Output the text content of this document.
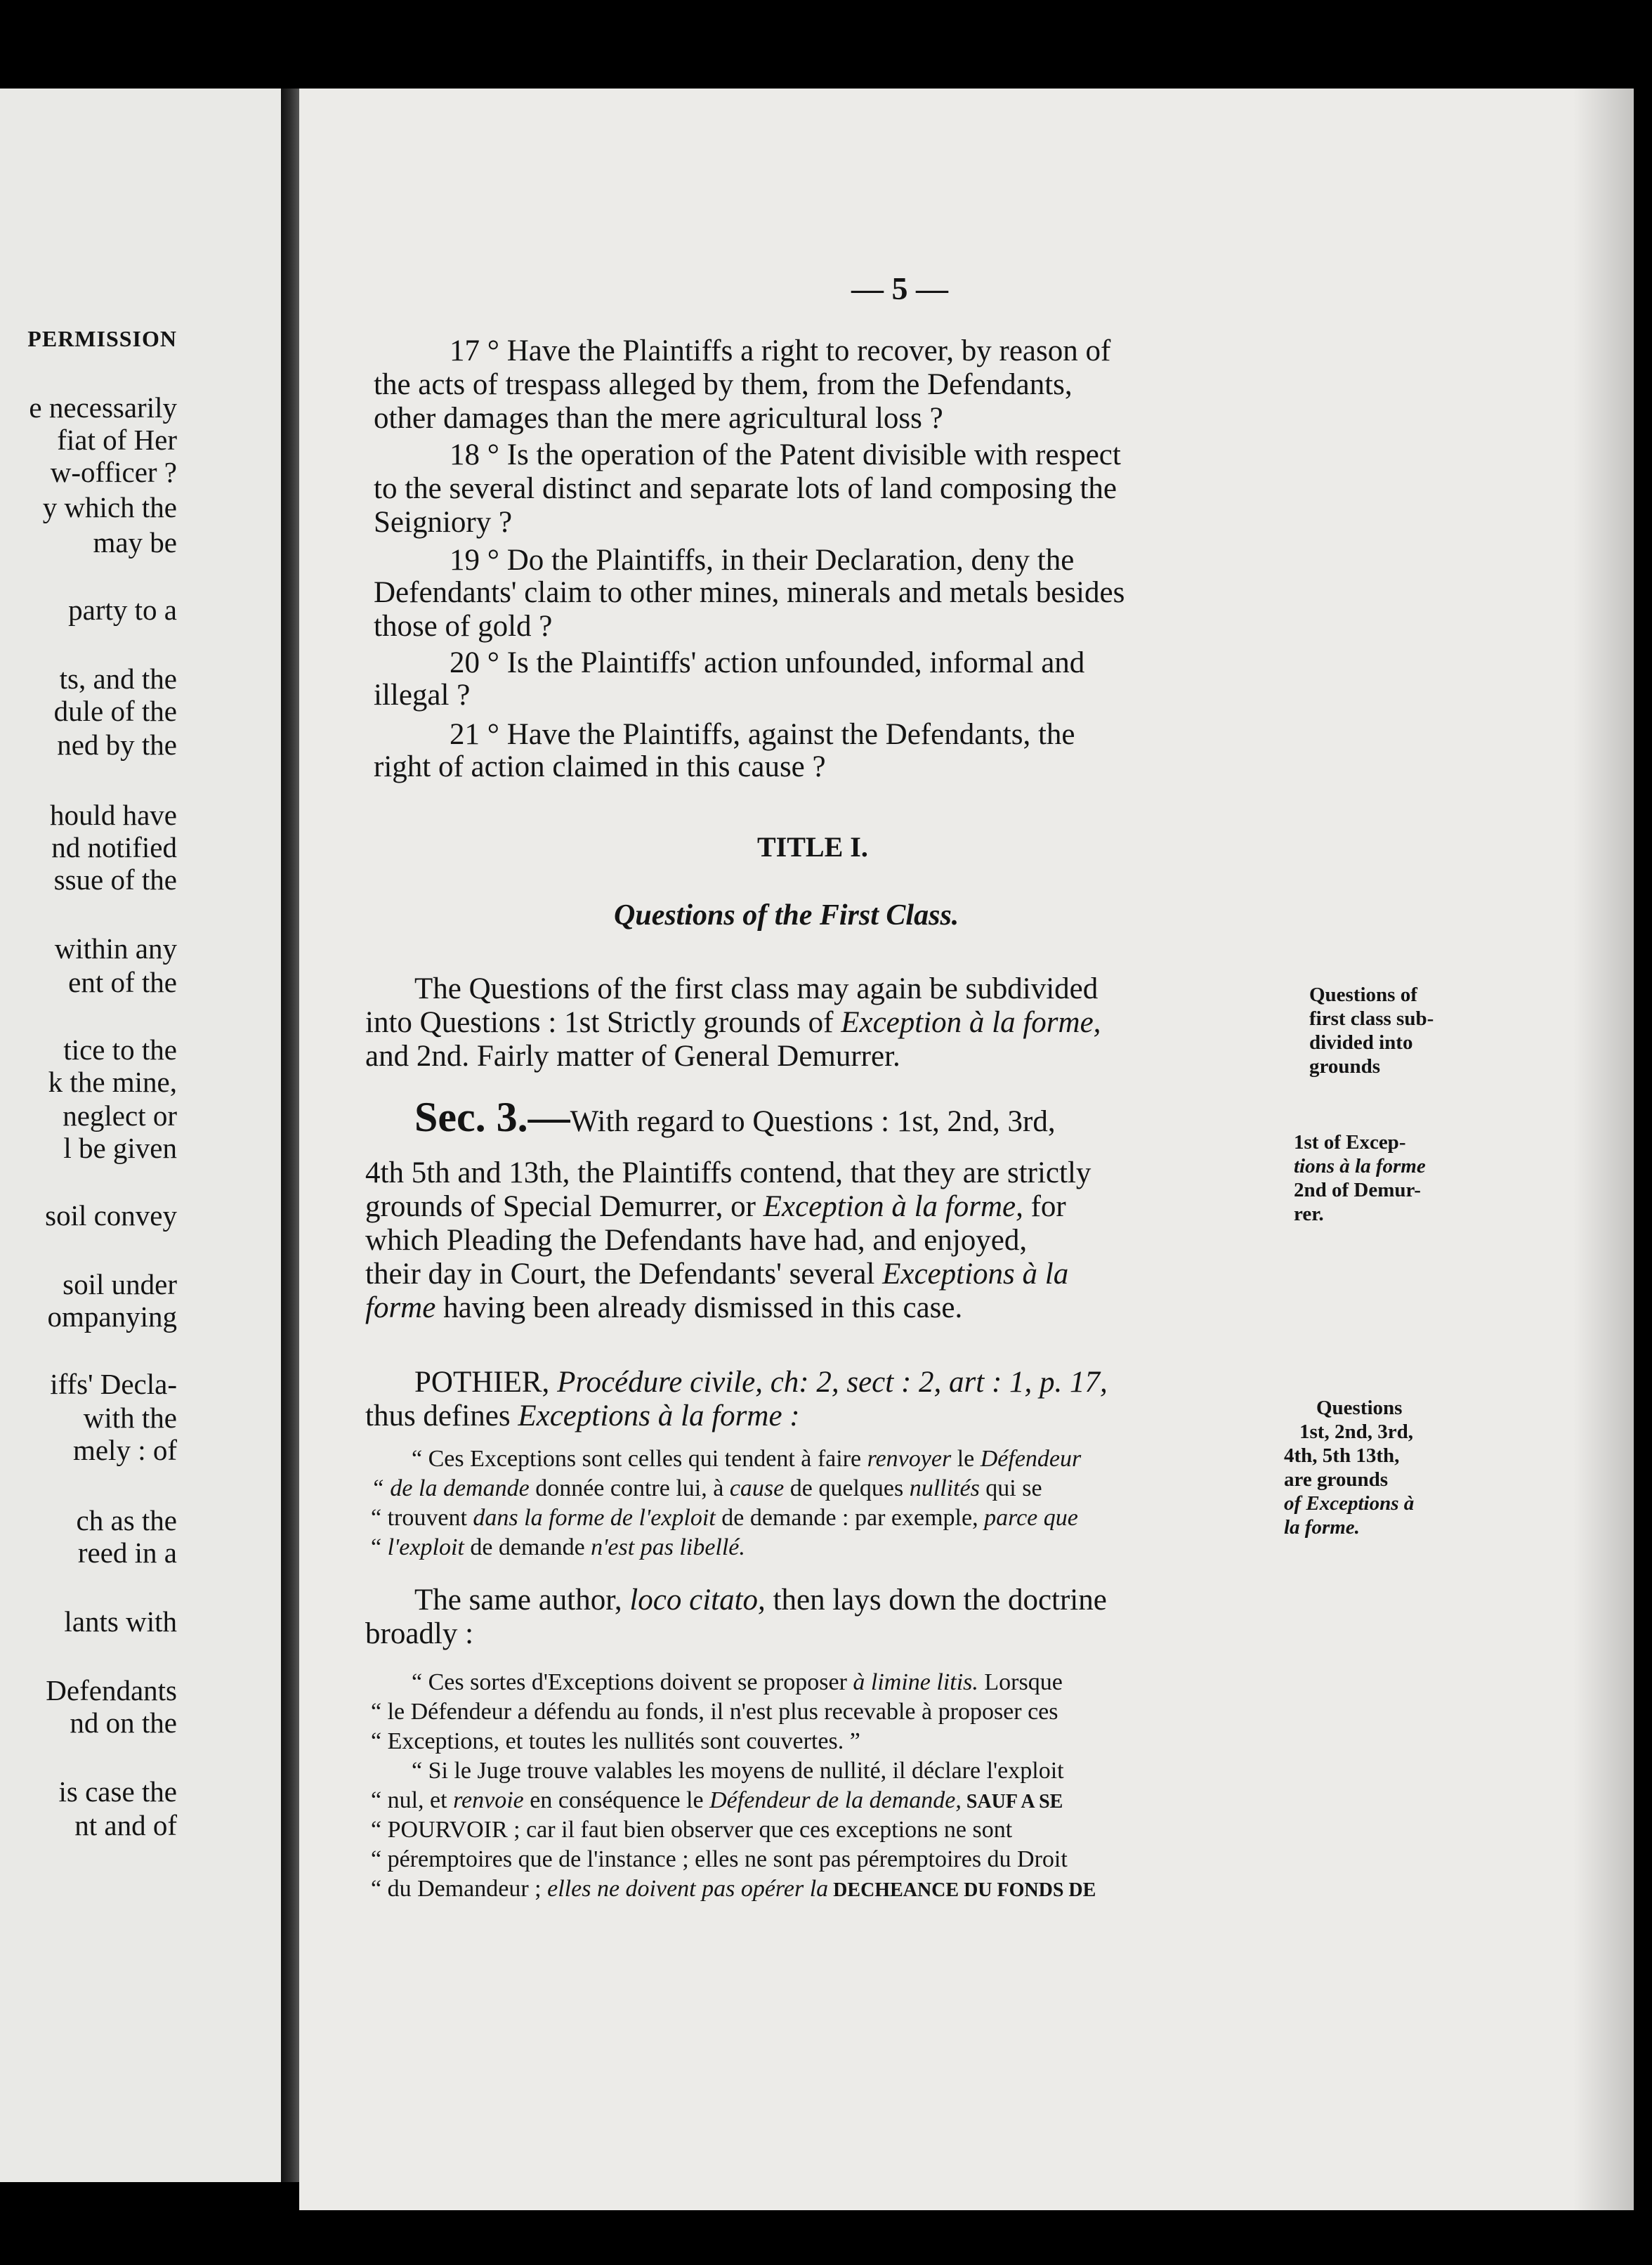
PERMISSION
e necessarily
fiat of Her
w-officer ?
y which the
may be
party to a
ts, and the
dule of the
ned by the
hould have
nd notified
ssue of the
within any
ent of the
tice to the
k the mine,
neglect or
l be given
soil convey
soil under
ompanying
iffs' Decla-
with the
mely : of
ch as the
reed in a
lants with
Defendants
nd on the
is case the
nt and of
— 5 —
17 ° Have the Plaintiffs a right to recover, by reason of
the acts of trespass alleged by them, from the Defendants,
other damages than the mere agricultural loss ?
18 ° Is the operation of the Patent divisible with respect
to the several distinct and separate lots of land composing the
Seigniory ?
19 ° Do the Plaintiffs, in their Declaration, deny the
Defendants' claim to other mines, minerals and metals besides
those of gold ?
20 ° Is the Plaintiffs' action unfounded, informal and
illegal ?
21 ° Have the Plaintiffs, against the Defendants, the
right of action claimed in this cause ?
TITLE I.
Questions of the First Class.
The Questions of the first class may again be subdivided
into Questions : 1st Strictly grounds of Exception à la forme,
and 2nd. Fairly matter of General Demurrer.
Sec. 3.—With regard to Questions : 1st, 2nd, 3rd,
4th 5th and 13th, the Plaintiffs contend, that they are strictly
grounds of Special Demurrer, or Exception à la forme, for
which Pleading the Defendants have had, and enjoyed,
their day in Court, the Defendants' several Exceptions à la
forme having been already dismissed in this case.
POTHIER, Procédure civile, ch: 2, sect : 2, art : 1, p. 17,
thus defines Exceptions à la forme :
“ Ces Exceptions sont celles qui tendent à faire renvoyer le Défendeur
“ de la demande donnée contre lui, à cause de quelques nullités qui se
“ trouvent dans la forme de l'exploit de demande : par exemple, parce que
“ l'exploit de demande n'est pas libellé.
The same author, loco citato, then lays down the doctrine
broadly :
“ Ces sortes d'Exceptions doivent se proposer à limine litis. Lorsque
“ le Défendeur a défendu au fonds, il n'est plus recevable à proposer ces
“ Exceptions, et toutes les nullités sont couvertes. ”
“ Si le Juge trouve valables les moyens de nullité, il déclare l'exploit
“ nul, et renvoie en conséquence le Défendeur de la demande, SAUF A SE
“ POURVOIR ; car il faut bien observer que ces exceptions ne sont
“ péremptoires que de l'instance ; elles ne sont pas péremptoires du Droit
“ du Demandeur ; elles ne doivent pas opérer la DECHEANCE DU FONDS DE
Questions of
first class sub-
divided into
grounds
1st of Excep-
tions à la forme
2nd of Demur-
rer.
Questions
1st, 2nd, 3rd,
4th, 5th 13th,
are grounds
of Exceptions à
la forme.
